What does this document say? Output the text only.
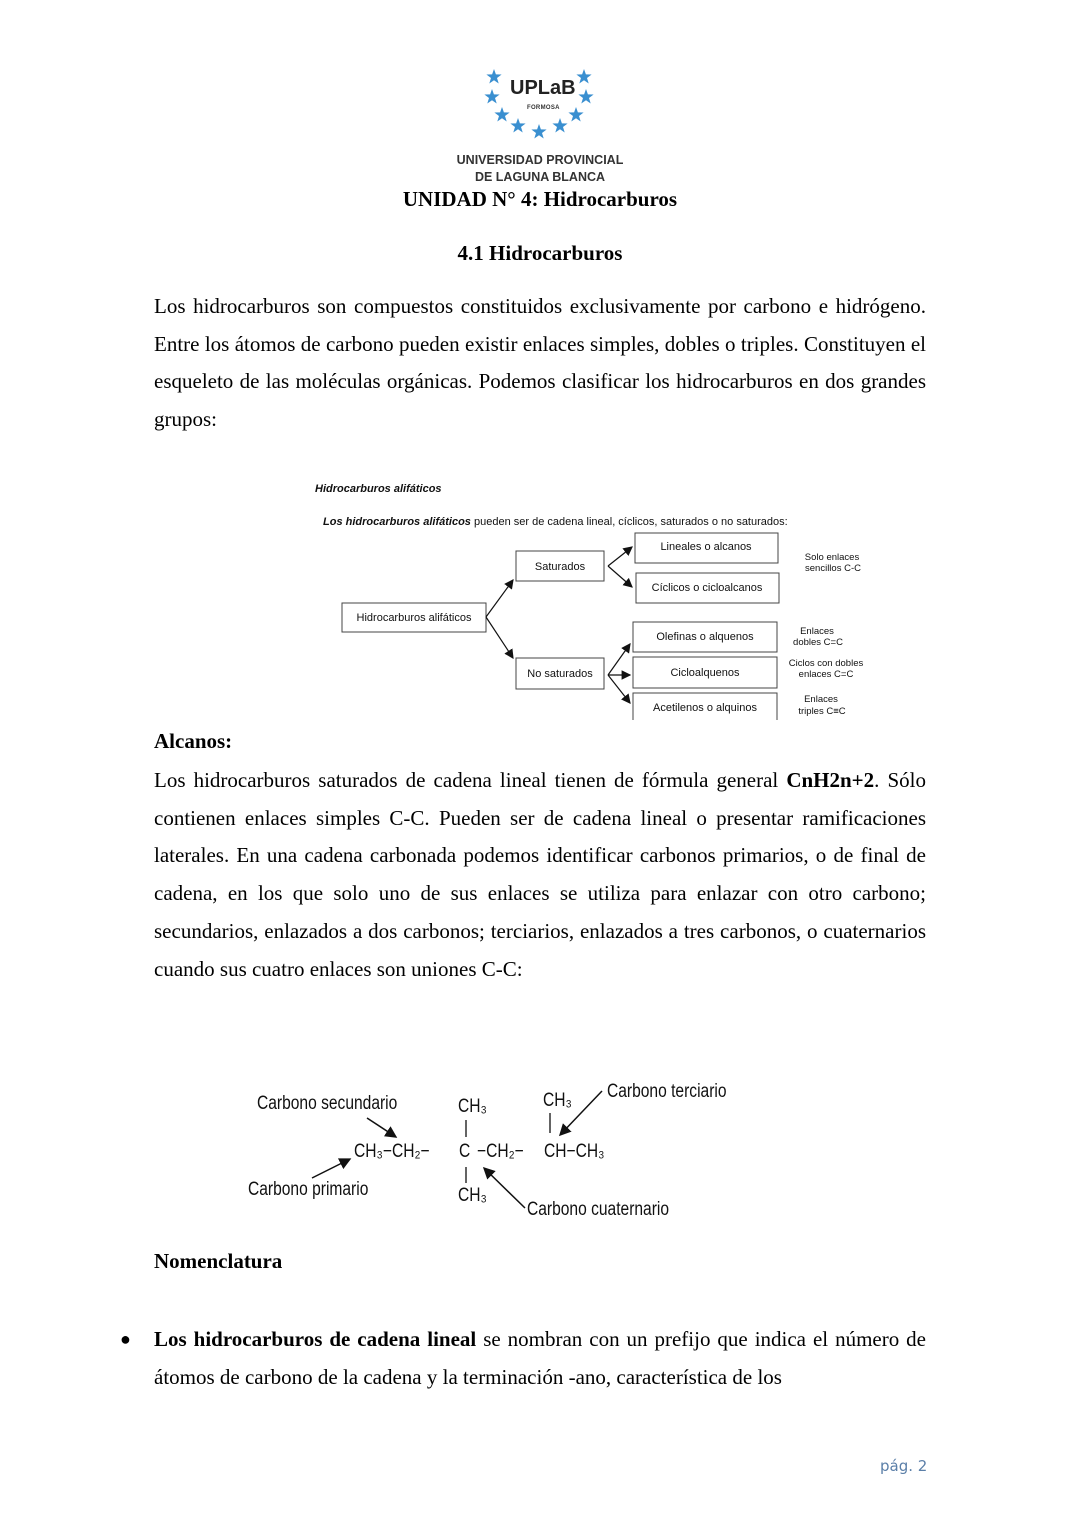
UPLaB
FORMOSA
UNIVERSIDAD PROVINCIAL
DE LAGUNA BLANCA
UNIDAD N° 4: Hidrocarburos
4.1 Hidrocarburos
Los hidrocarburos son compuestos constituidos exclusivamente por carbono e hidrógeno. Entre los átomos de carbono pueden existir enlaces simples, dobles o triples. Constituyen el esqueleto de las moléculas orgánicas. Podemos clasificar los hidrocarburos en dos grandes grupos:
Hidrocarburos alifáticos
Los hidrocarburos alifáticos pueden ser de cadena lineal, cíclicos, saturados o no saturados:
Hidrocarburos alifáticos
Saturados
No saturados
Lineales o alcanos
Cíclicos o cicloalcanos
Olefinas o alquenos
Cicloalquenos
Acetilenos o alquinos
Solo enlaces
sencillos C-C
Enlaces
dobles C=C
Ciclos con dobles
enlaces C=C
Enlaces
triples C≡C
Alcanos:
Los hidrocarburos saturados de cadena lineal tienen de fórmula general CnH2n+2. Sólo contienen enlaces simples C-C. Pueden ser de cadena lineal o presentar ramificaciones laterales. En una cadena carbonada podemos identificar carbonos primarios, o de final de cadena, en los que solo uno de sus enlaces se utiliza para enlazar con otro carbono; secundarios, enlazados a dos carbonos; terciarios, enlazados a tres carbonos, o cuaternarios cuando sus cuatro enlaces son uniones C-C:
Carbono secundario
Carbono primario
Carbono terciario
Carbono cuaternario
CH₃−CH₂− C −CH₂− CH−CH₃
CH₃
CH₃
CH₃
Nomenclatura
● Los hidrocarburos de cadena lineal se nombran con un prefijo que indica el número de átomos de carbono de la cadena y la terminación -ano, característica de los
pág. 2
